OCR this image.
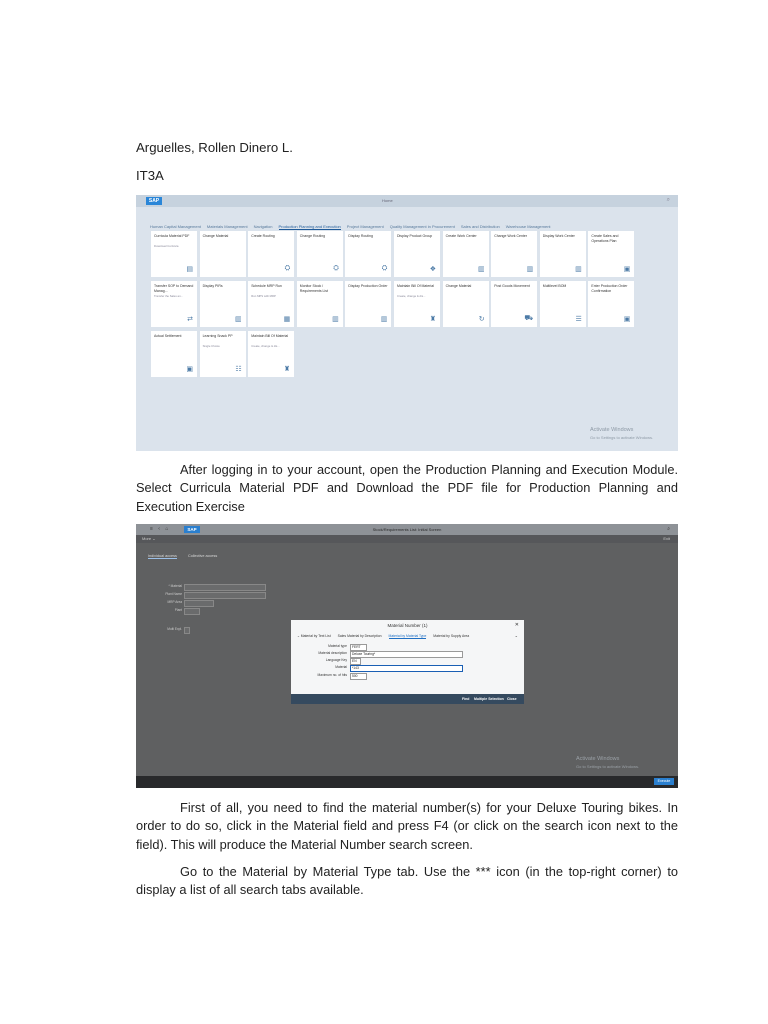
Arguelles, Rollen Dinero L.
IT3A
SAP	Home	⌕
Human Capital Management Materials Management Navigation Production Planning and Execution Project Management Quality Management in Procurement Sales and Distribution Warehouse Management
Curricula Material PDF
Download Curricula
▤
Change Material	Create Routing
⛭
Change Routing
⛭
Display Routing
⛭
Display Product Group
❖
Create Work Center
▥
Change Work Center
▥
Display Work Center
▥
Create Sales and Operations Plan
▣
Transfer SOP to Demand Manag...
Transfer the Sales an...
⇄
Display PIRs
▥
Schedule MRP Run
Run MPS with MRP
▦
Monitor Stock / Requirements List
▥
Display Production Order
▥
Maintain Bill Of Material
Create, change & dis...
♜
Change Material
↻
Post Goods Movement
⛟
Multilevel BOM
☰
Enter Production Order Confirmation
▣
Actual Settlement
▣
Learning Snack PP
Single Choice
☷
Maintain Bill Of Material
Create, change & dis...
♜
Activate Windows
Go to Settings to activate Windows.
After logging in to your account, open the Production Planning and Execution Module. Select Curricula Material PDF and Download the PDF file for Production Planning and Execution Exercise
≡ ‹ ⌂	SAP	Stock/Requirements List: Initial Screen	⌕
More ⌄	Exit
Individual access	Collective access
* Material
Plant Name
MRP Area
Plant
Multi Expl.
Material Number (1)	✕
⌄ Material by Text List Sales Material by Description Material by Material Type Material by Supply Area	⌄
Material type	FERT
Material description	Deluxe Touring*
Language Key	EN
Material	*143
Maximum no. of hits	500
Find Multiple Selection Close
Activate Windows
Go to Settings to activate Windows.
Execute
First of all, you need to find the material number(s) for your Deluxe Touring bikes. In order to do so, click in the Material field and press F4 (or click on the search icon next to the field). This will produce the Material Number search screen.
Go to the Material by Material Type tab. Use the *** icon (in the top-right corner) to display a list of all search tabs available.
